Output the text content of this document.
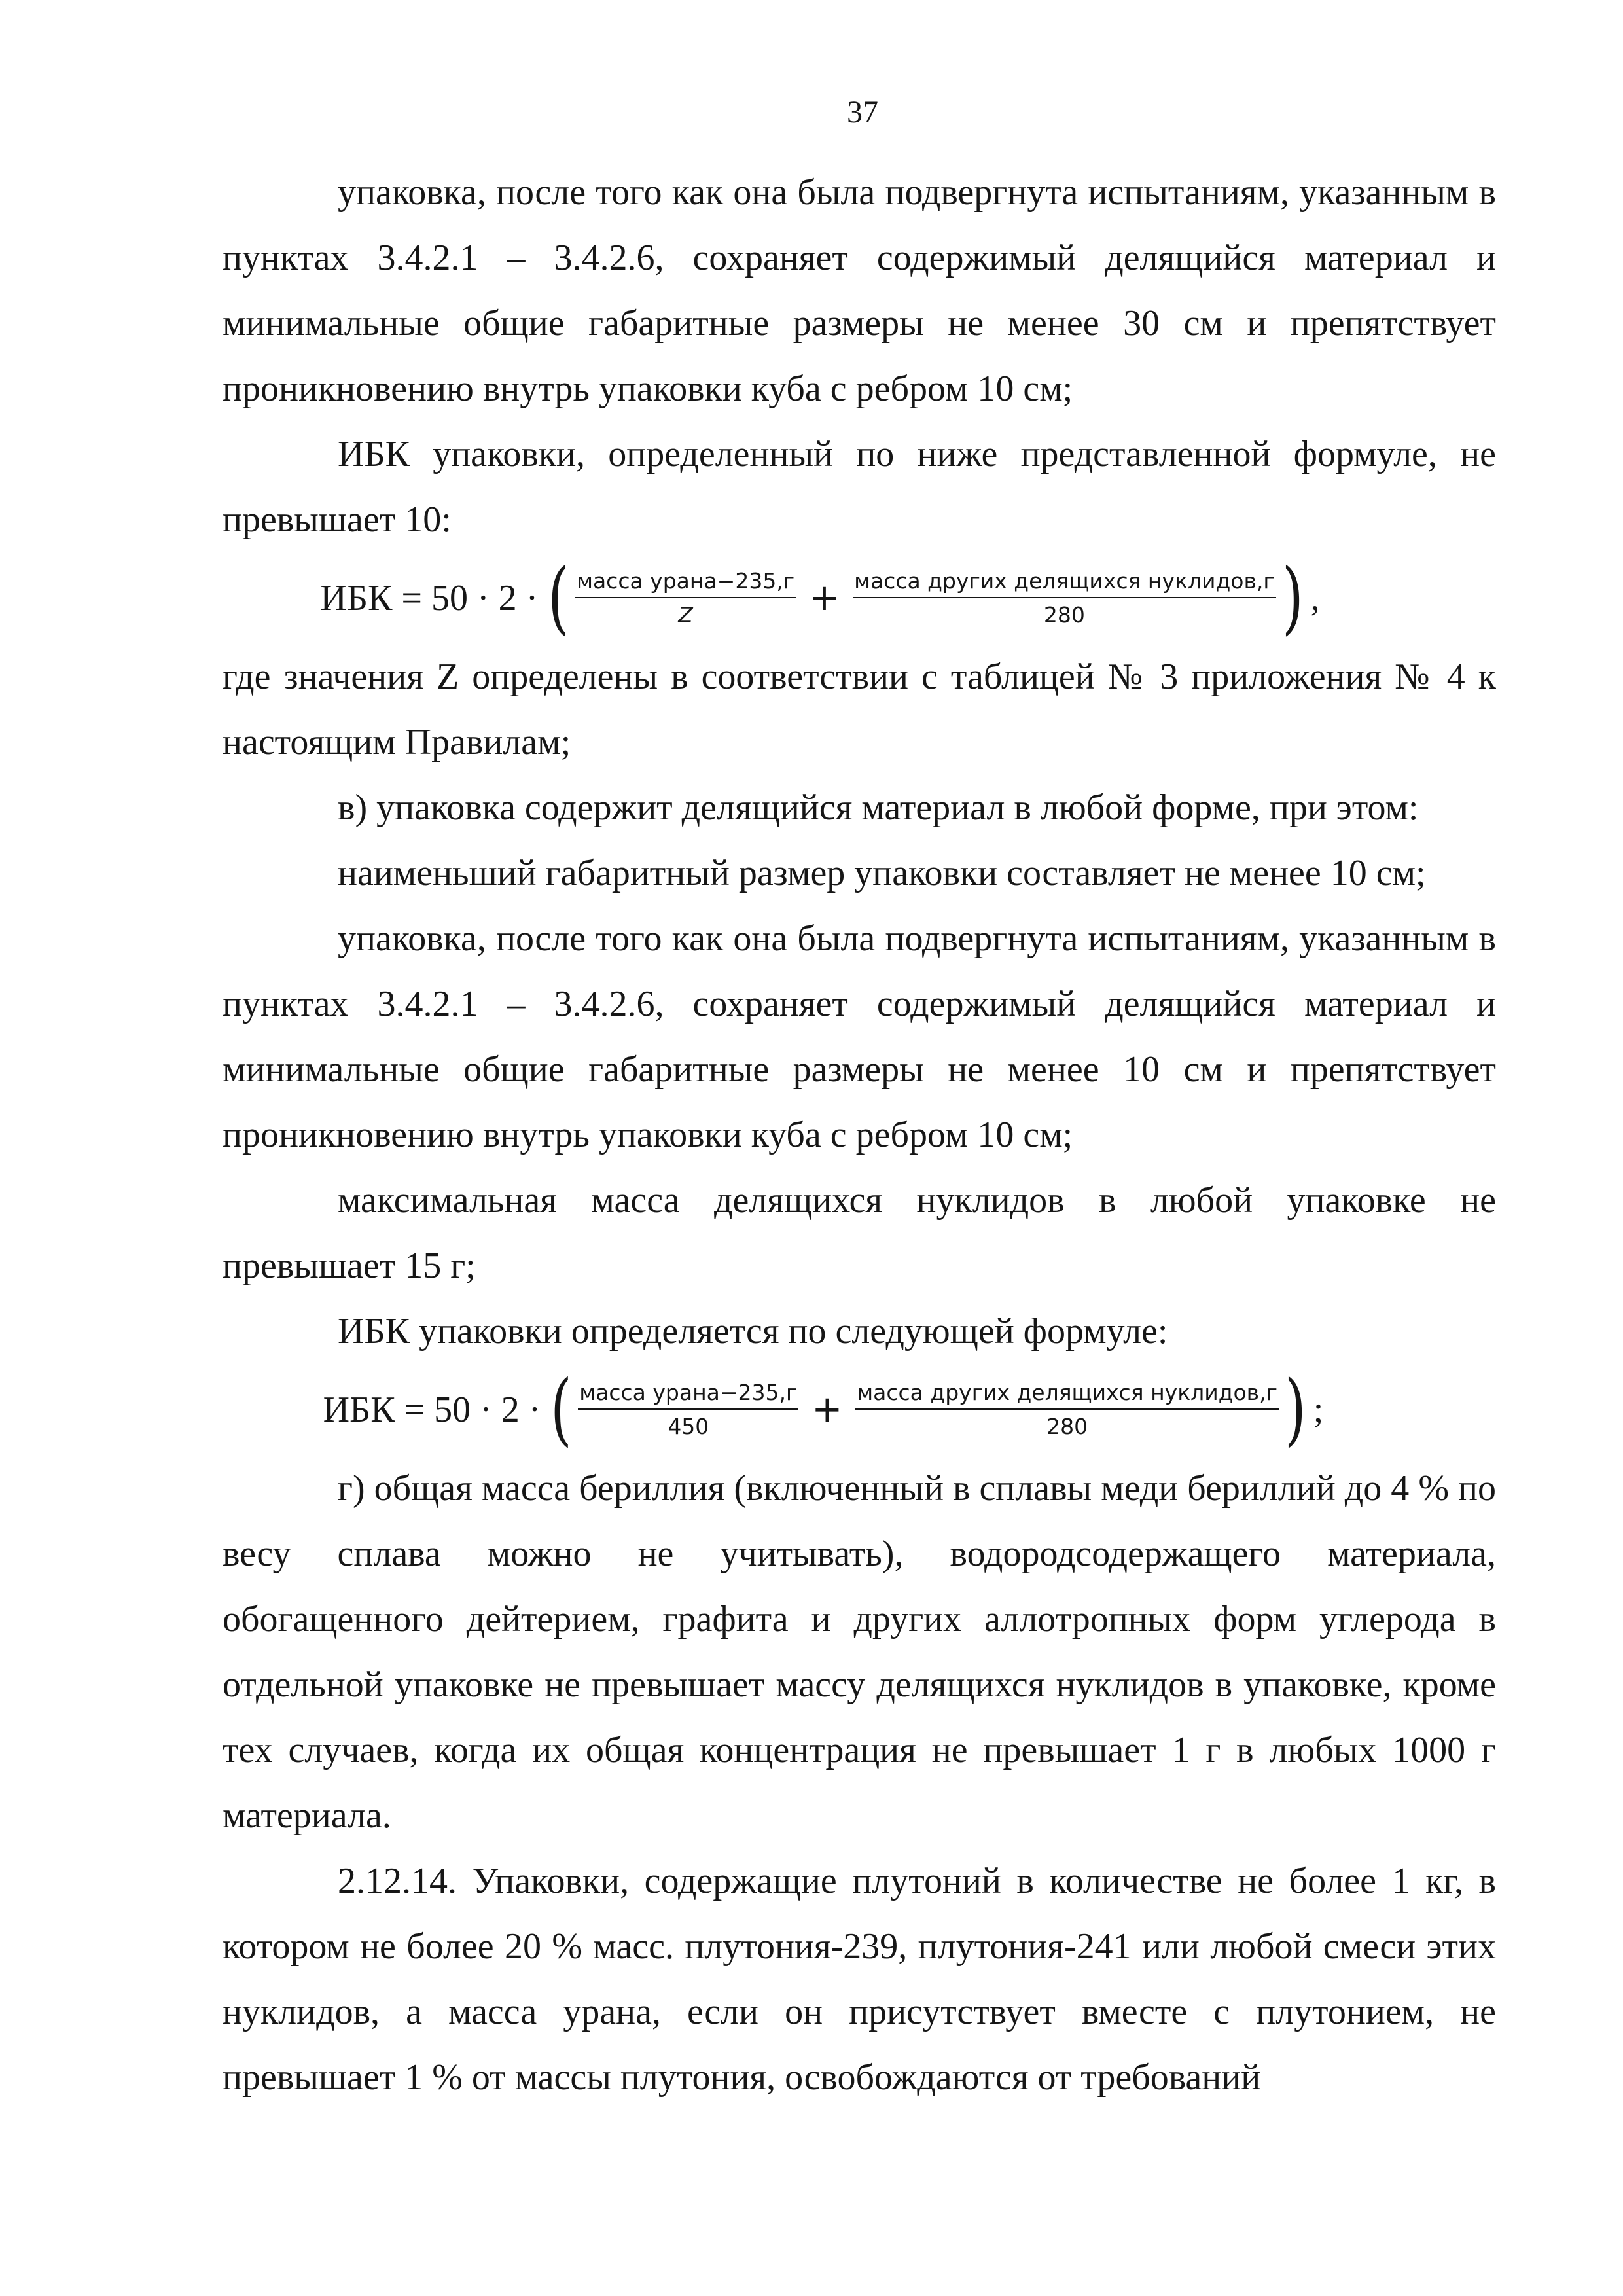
37

упаковка, после того как она была подвергнута испытаниям, указанным в пунктах 3.4.2.1 – 3.4.2.6, сохраняет содержимый делящийся материал и минимальные общие габаритные размеры не менее 30 см и препятствует проникновению внутрь упаковки куба с ребром 10 см;

ИБК упаковки, определенный по ниже представленной формуле, не превышает 10:

ИБК = 50 · 2 · ( $\frac{\text{масса урана−235,г}}{Z} + \frac{\text{масса других делящихся нуклидов,г}}{280}$ ) ,

где значения Z определены в соответствии с таблицей № 3 приложения № 4 к настоящим Правилам;

в) упаковка содержит делящийся материал в любой форме, при этом:

наименьший габаритный размер упаковки составляет не менее 10 см;

упаковка, после того как она была подвергнута испытаниям, указанным в пунктах 3.4.2.1 – 3.4.2.6, сохраняет содержимый делящийся материал и минимальные общие габаритные размеры не менее 10 см и препятствует проникновению внутрь упаковки куба с ребром 10 см;

максимальная масса делящихся нуклидов в любой упаковке не превышает 15 г;

ИБК упаковки определяется по следующей формуле:

ИБК = 50 · 2 · ( $\frac{\text{масса урана−235,г}}{450} + \frac{\text{масса других делящихся нуклидов,г}}{280}$ ) ;

г) общая масса бериллия (включенный в сплавы меди бериллий до 4 % по весу сплава можно не учитывать), водородсодержащего материала, обогащенного дейтерием, графита и других аллотропных форм углерода в отдельной упаковке не превышает массу делящихся нуклидов в упаковке, кроме тех случаев, когда их общая концентрация не превышает 1 г в любых 1000 г материала.

2.12.14. Упаковки, содержащие плутоний в количестве не более 1 кг, в котором не более 20 % масс. плутония-239, плутония-241 или любой смеси этих нуклидов, а масса урана, если он присутствует вместе с плутонием, не превышает 1 % от массы плутония, освобождаются от требований
